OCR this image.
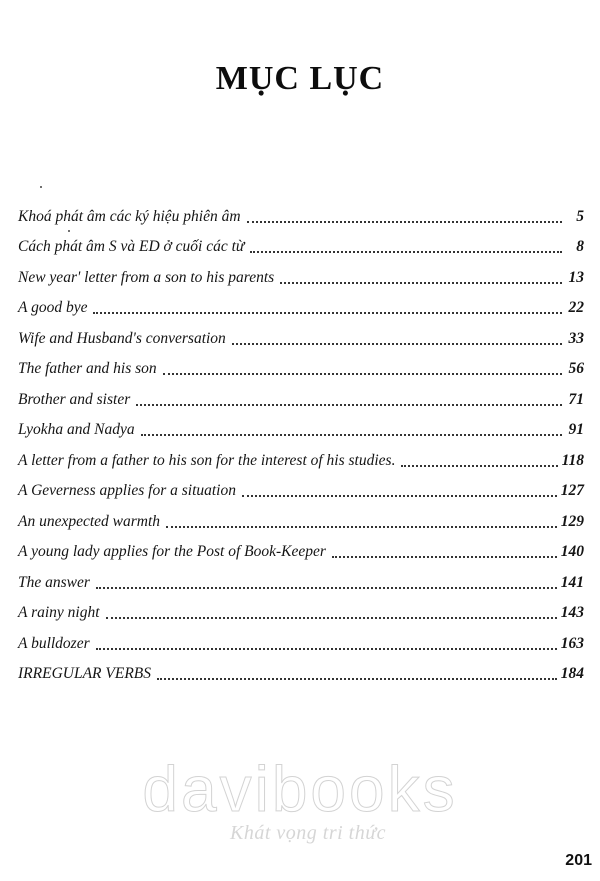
MỤC LỤC
Khoá phát âm các ký hiệu phiên âm	5
Cách phát âm S và ED ở cuối các từ	8
New year' letter from a son to his parents	13
A good bye	22
Wife and Husband's conversation	33
The father and his son	56
Brother and sister	71
Lyokha and Nadya	91
A letter from a father to his son for the interest of his studies.	118
A Geverness applies for a situation	127
An unexpected warmth	129
A young lady applies for the Post of Book-Keeper	140
The answer	141
A rainy night	143
A bulldozer	163
IRREGULAR VERBS	184
davibooks
Khát vọng tri thức
201
